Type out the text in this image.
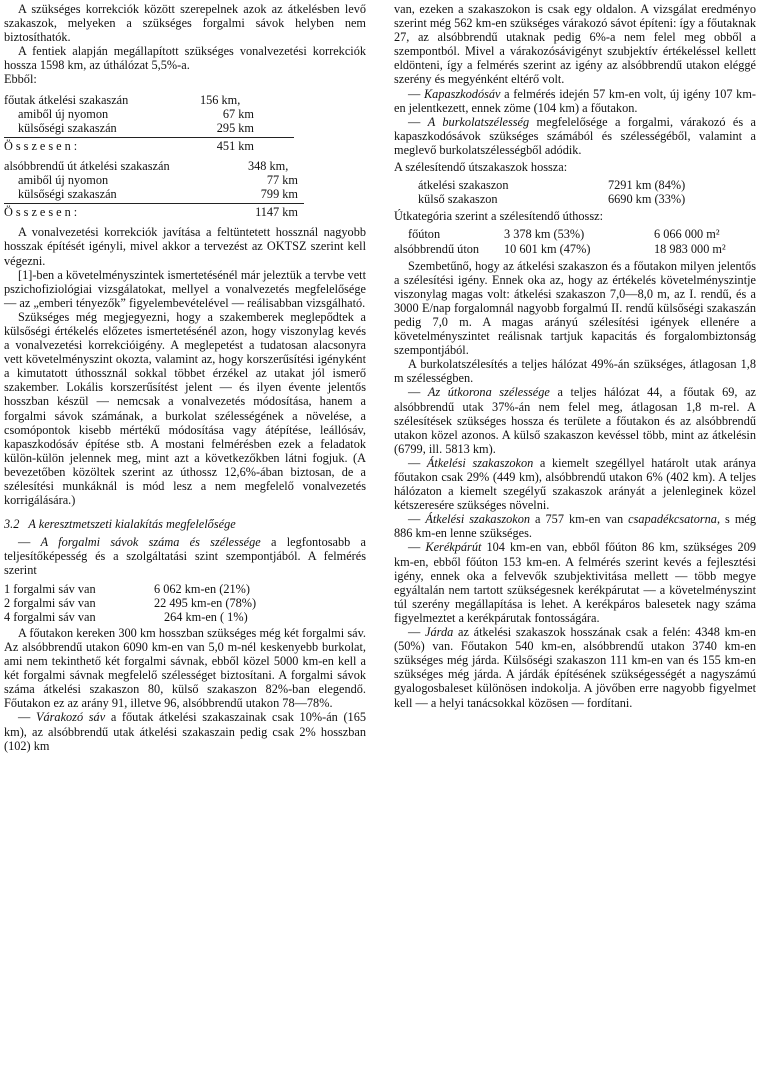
A szükséges korrekciók között szerepelnek azok az átkelésben levő szakaszok, melyeken a szükséges forgalmi sávok helyben nem biztosíthatók.

A fentiek alapján megállapított szükséges vonalvezetési korrekciók hossza 1598 km, az úthálózat 5,5%-a.

Ebből:

főutak átkelési szakaszán	156 km,
amiből új nyomon	67 km
külsőségi szakaszán	295 km
Összesen:	451 km
alsóbbrendű út átkelési szakaszán	348 km,
amiből új nyomon	77 km
külsőségi szakaszán	799 km
Összesen:	1147 km

A vonalvezetési korrekciók javítása a feltüntetett hossznál nagyobb hosszak építését igényli, mivel akkor a tervezést az OKTSZ szerint kell végezni.

[1]-ben a követelményszintek ismertetésénél már jeleztük a tervbe vett pszichofiziológiai vizsgálatokat, mellyel a vonalvezetés megfelelősége — az „emberi tényezők” figyelembevételével — reálisabban vizsgálható.

Szükséges még megjegyezni, hogy a szakemberek meglepődtek a külsőségi értékelés előzetes ismertetésénél azon, hogy viszonylag kevés a vonalvezetési korrekcióigény. A meglepetést a tudatosan alacsonyra vett követelményszint okozta, valamint az, hogy korszerűsítési igényként a kimutatott úthossznál sokkal többet érzékel az utakat jól ismerő szakember. Lokális korszerűsítést jelent — és ilyen évente jelentős hosszban készül — nemcsak a vonalvezetés módosítása, hanem a forgalmi sávok számának, a burkolat szélességének a növelése, a csomópontok kisebb mértékű módosítása vagy átépítése, leállósáv, kapaszkodósáv építése stb. A mostani felmérésben ezek a feladatok külön-külön jelennek meg, mint azt a következőkben látni fogjuk. (A bevezetőben közöltek szerint az úthossz 12,6%-ában biztosan, de a szélesítési munkáknál is mód lesz a nem megfelelő vonalvezetés korrigálására.)

3.2 A keresztmetszeti kialakítás megfelelősége

— A forgalmi sávok száma és szélessége a legfontosabb a teljesítőképesség és a szolgáltatási szint szempontjából. A felmérés szerint

1 forgalmi sáv van	6 062 km-en (21%)
2 forgalmi sáv van	22 495 km-en (78%)
4 forgalmi sáv van	264 km-en ( 1%)

A főutakon kereken 300 km hosszban szükséges még két forgalmi sáv. Az alsóbbrendű utakon 6090 km-en van 5,0 m-nél keskenyebb burkolat, ami nem tekinthető két forgalmi sávnak, ebből közel 5000 km-en kell a két forgalmi sávnak megfelelő szélességet biztosítani. A forgalmi sávok száma átkelési szakaszon 80, külső szakaszon 82%-ban elegendő. Főutakon ez az arány 91, illetve 96, alsóbbrendű utakon 78—78%.

— Várakozó sáv a főutak átkelési szakaszainak csak 10%-án (165 km), az alsóbbrendű utak átkelési szakaszain pedig csak 2% hosszban (102) km

van, ezeken a szakaszokon is csak egy oldalon. A vizsgálat eredményo szerint még 562 km-en szükséges várakozó sávot építeni: így a főutaknak 27, az alsóbbrendű utaknak pedig 6%-a nem felel meg obből a szempontból. Mivel a várakozósávigényt szubjektív értékeléssel kellett eldönteni, így a felmérés szerint az igény az alsóbbrendű utakon eléggé szerény és megyénként eltérő volt.

— Kapaszkodósáv a felmérés idején 57 km-en volt, új igény 107 km-en jelentkezett, ennek zöme (104 km) a főutakon.

— A burkolatszélesség megfelelősége a forgalmi, várakozó és a kapaszkodósávok szükséges számából és szélességéből, valamint a meglevő burkolatszélességből adódik.

A szélesítendő útszakaszok hossza:

átkelési szakaszon	7291 km (84%)
külső szakaszon	6690 km (33%)

Útkategória szerint a szélesítendő úthossz:

főúton	3 378 km (53%)	6 066 000 m²
alsóbbrendű úton	10 601 km (47%)	18 983 000 m²

Szembetűnő, hogy az átkelési szakaszon és a főutakon milyen jelentős a szélesítési igény. Ennek oka az, hogy az értékelés követelményszintje viszonylag magas volt: átkelési szakaszon 7,0—8,0 m, az I. rendű, és a 3000 E/nap forgalomnál nagyobb forgalmú II. rendű külsőségi szakaszán pedig 7,0 m. A magas arányú szélesítési igények ellenére a követelményszintet reálisnak tartjuk kapacitás és forgalombiztonság szempontjából.

A burkolatszélesítés a teljes hálózat 49%-án szükséges, átlagosan 1,8 m szélességben.

— Az útkorona szélessége a teljes hálózat 44, a főutak 69, az alsóbbrendű utak 37%-án nem felel meg, átlagosan 1,8 m-rel. A szélesítések szükséges hossza és területe a főutakon és az alsóbbrendű utakon közel azonos. A külső szakaszon kevéssel több, mint az átkelésin (6799, ill. 5813 km).

— Átkelési szakaszokon a kiemelt szegéllyel határolt utak aránya főutakon csak 29% (449 km), alsóbbrendű utakon 6% (402 km). A teljes hálózaton a kiemelt szegélyű szakaszok arányát a jelenleginek közel kétszeresére szükséges növelni.

— Átkelési szakaszokon a 757 km-en van csapadékcsatorna, s még 886 km-en lenne szükséges.

— Kerékpárút 104 km-en van, ebből főúton 86 km, szükséges 209 km-en, ebből főúton 153 km-en. A felmérés szerint kevés a fejlesztési igény, ennek oka a felvevők szubjektivitása mellett — több megye egyáltalán nem tartott szükségesnek kerékpárutat — a követelményszint túl szerény megállapítása is lehet. A kerékpáros balesetek nagy száma figyelmeztet a kerékpárutak fontosságára.

— Járda az átkelési szakaszok hosszának csak a felén: 4348 km-en (50%) van. Főutakon 540 km-en, alsóbbrendű utakon 3740 km-en szükséges még járda. Külsőségi szakaszon 111 km-en van és 155 km-en szükséges még járda. A járdák építésének szükségességét a nagyszámú gyalogosbaleset különösen indokolja. A jövőben erre nagyobb figyelmet kell — a helyi tanácsokkal közösen — fordítani.
